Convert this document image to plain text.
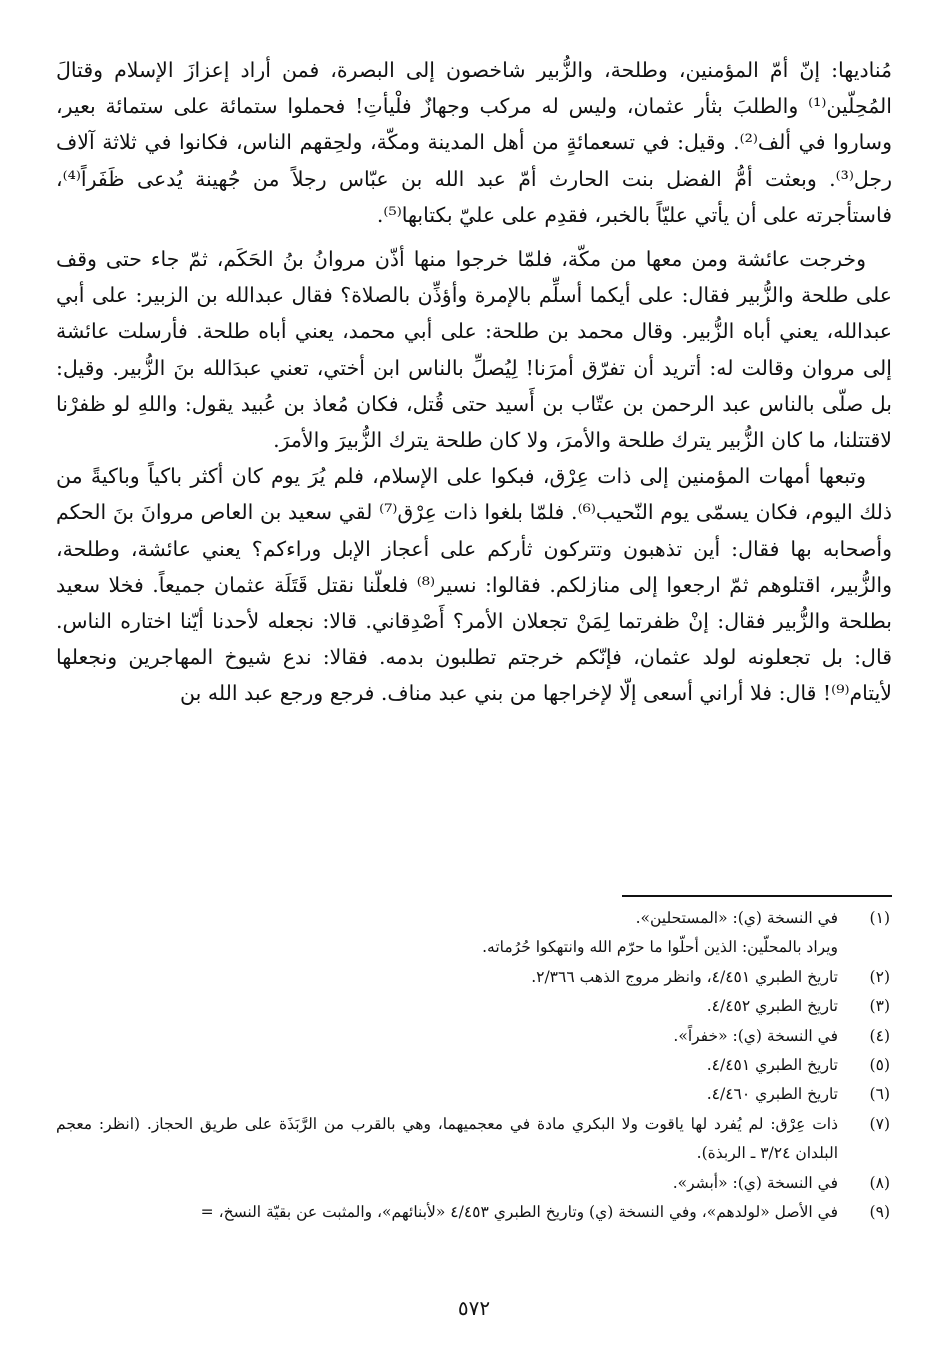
مُناديها: إنّ أمّ المؤمنين، وطلحة، والزُّبير شاخصون إلى البصرة، فمن أراد إعزازَ الإسلام وقتالَ المُحِلّين⁽¹⁾ والطلبَ بثأر عثمان، وليس له مركب وجهازٌ فلْيأتِ! فحملوا ستمائة على ستمائة بعير، وساروا في ألف⁽²⁾. وقيل: في تسعمائةٍ من أهل المدينة ومكّة، ولحِقهم الناس، فكانوا في ثلاثة آلاف رجل⁽³⁾. وبعثت أمُّ الفضل بنت الحارث أمّ عبد الله بن عبّاس رجلاً من جُهينة يُدعى ظَفَراً⁽⁴⁾، فاستأجرته على أن يأتي عليّاً بالخبر، فقدِم على عليّ بكتابها⁽⁵⁾.

وخرجت عائشة ومن معها من مكّة، فلمّا خرجوا منها أذّن مروانُ بنُ الحَكَم، ثمّ جاء حتى وقف على طلحة والزُّبير فقال: على أيكما أسلِّم بالإمرة وأؤذِّن بالصلاة؟ فقال عبدالله بن الزبير: على أبي عبدالله، يعني أباه الزُّبير. وقال محمد بن طلحة: على أبي محمد، يعني أباه طلحة. فأرسلت عائشة إلى مروان وقالت له: أتريد أن تفرّق أمرَنا! لِيُصلِّ بالناس ابن أختي، تعني عبدَالله بنَ الزُّبير. وقيل: بل صلّى بالناس عبد الرحمن بن عتّاب بن أَسيد حتى قُتل، فكان مُعاذ بن عُبيد يقول: واللهِ لو ظفرْنا لاقتتلنا، ما كان الزُّبير يترك طلحة والأمرَ، ولا كان طلحة يترك الزُّبيرَ والأمرَ.

وتبعها أمهات المؤمنين إلى ذات عِرْق، فبكوا على الإسلام، فلم يُرَ يوم كان أكثر باكياً وباكيةً من ذلك اليوم، فكان يسمّى يوم النّحيب⁽⁶⁾. فلمّا بلغوا ذات عِرْق⁽⁷⁾ لقي سعيد بن العاص مروانَ بنَ الحكم وأصحابه بها فقال: أين تذهبون وتتركون ثأركم على أعجاز الإبل وراءكم؟ يعني عائشة، وطلحة، والزُّبير، اقتلوهم ثمّ ارجعوا إلى منازلكم. فقالوا: نسير⁽⁸⁾ فلعلّنا نقتل قَتَلَة عثمان جميعاً. فخلا سعيد بطلحة والزُّبير فقال: إنْ ظفرتما لِمَنْ تجعلان الأمر؟ أَصْدِقاني. قالا: نجعله لأحدنا أيّنا اختاره الناس. قال: بل تجعلونه لولد عثمان، فإنّكم خرجتم تطلبون بدمه. فقالا: ندع شيوخ المهاجرين ونجعلها لأيتام⁽⁹⁾! قال: فلا أراني أسعى إلّا لإخراجها من بني عبد مناف. فرجع ورجع عبد الله بن

(١)
في النسخة (ي): «المستحلين».
ويراد بالمحلّين: الذين أحلّوا ما حرّم الله وانتهكوا حُرُماته.
(٢)
تاريخ الطبري ٤/٤٥١، وانظر مروج الذهب ٢/٣٦٦.
(٣)
تاريخ الطبري ٤/٤٥٢.
(٤)
في النسخة (ي): «خفراً».
(٥)
تاريخ الطبري ٤/٤٥١.
(٦)
تاريخ الطبري ٤/٤٦٠.
(٧)
ذات عِرْق: لم يُفرد لها ياقوت ولا البكري مادة في معجميهما، وهي بالقرب من الرَّبَذَة على طريق الحجاز. (انظر: معجم البلدان ٣/٢٤ ـ الربذة).
(٨)
في النسخة (ي): «أبشر».
(٩)
في الأصل «لولدهم»، وفي النسخة (ي) وتاريخ الطبري ٤/٤٥٣ «لأبنائهم»، والمثبت عن بقيّة النسخ، =
٥٧٢
